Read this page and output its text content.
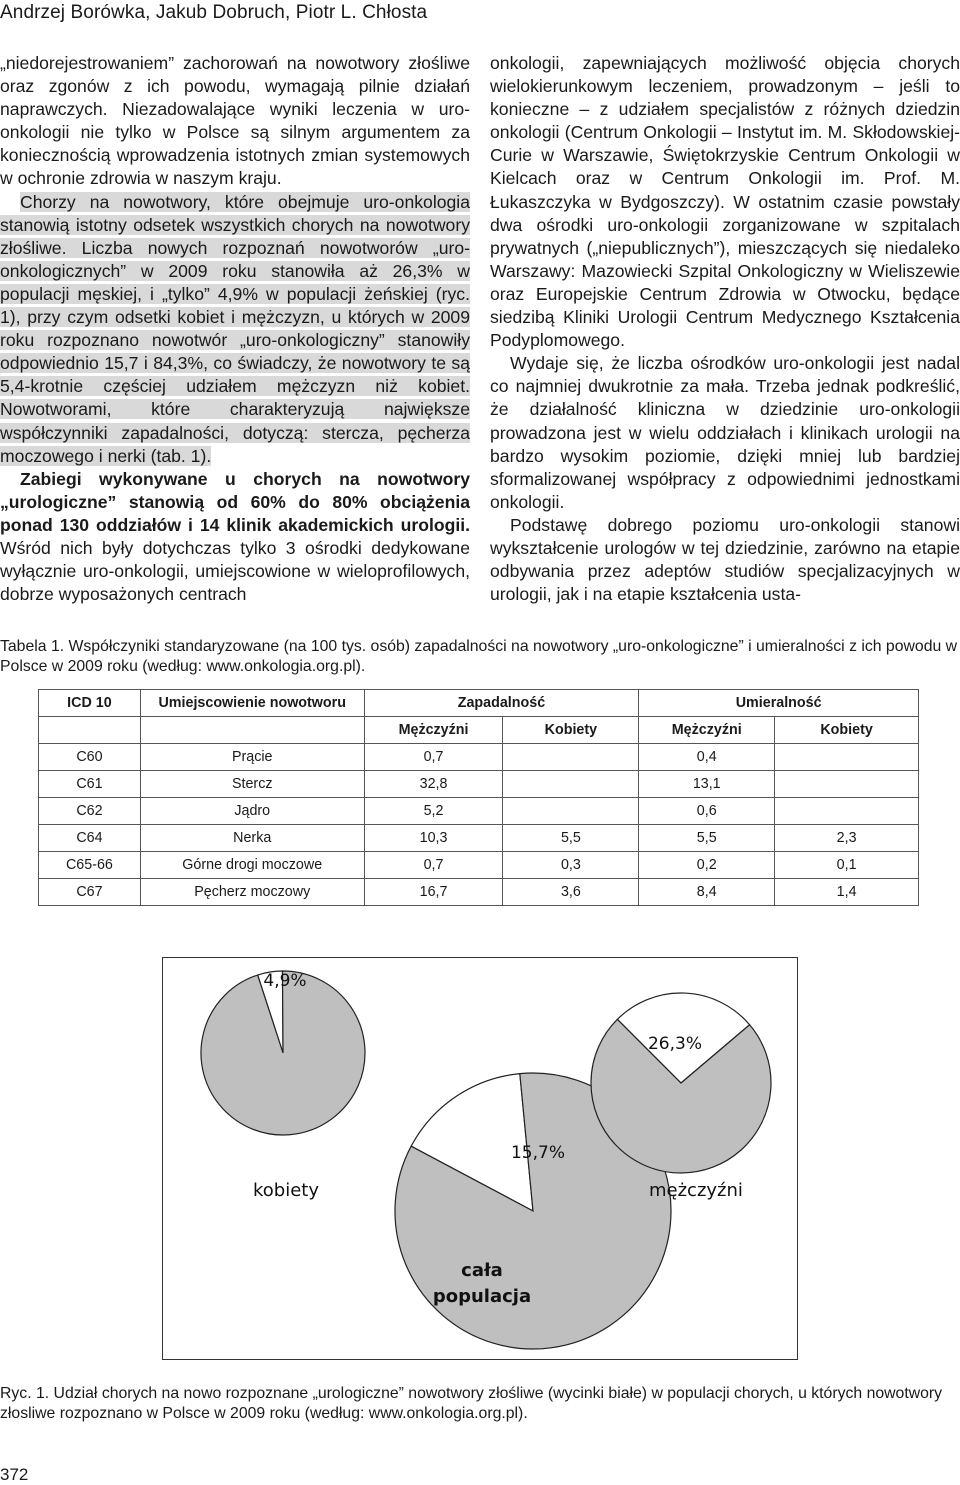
Andrzej Borówka, Jakub Dobruch, Piotr L. Chłosta

„niedorejestrowaniem” zachorowań na nowotwory złośliwe oraz zgonów z ich powodu, wymagają pilnie działań naprawczych. Niezadowalające wyniki leczenia w uro-onkologii nie tylko w Polsce są silnym argumentem za koniecznością wprowadzenia istotnych zmian systemowych w ochronie zdrowia w naszym kraju.

Chorzy na nowotwory, które obejmuje uro-onkologia stanowią istotny odsetek wszystkich chorych na nowotwory złośliwe. Liczba nowych rozpoznań nowotworów „uro-onkologicznych” w 2009 roku stanowiła aż 26,3% w populacji męskiej, i „tylko” 4,9% w populacji żeńskiej (ryc. 1), przy czym odsetki kobiet i mężczyzn, u których w 2009 roku rozpoznano nowotwór „uro-onkologiczny” stanowiły odpowiednio 15,7 i 84,3%, co świadczy, że nowotwory te są 5,4-krotnie częściej udziałem mężczyzn niż kobiet. Nowotworami, które charakteryzują największe współczynniki zapadalności, dotyczą: stercza, pęcherza moczowego i nerki (tab. 1).

Zabiegi wykonywane u chorych na nowotwory „urologiczne” stanowią od 60% do 80% obciążenia ponad 130 oddziałów i 14 klinik akademickich urologii. Wśród nich były dotychczas tylko 3 ośrodki dedykowane wyłącznie uro-onkologii, umiejscowione w wieloprofilowych, dobrze wyposażonych centrach

onkologii, zapewniających możliwość objęcia chorych wielokierunkowym leczeniem, prowadzonym – jeśli to konieczne – z udziałem specjalistów z różnych dziedzin onkologii (Centrum Onkologii – Instytut im. M. Skłodowskiej-Curie w Warszawie, Świętokrzyskie Centrum Onkologii w Kielcach oraz w Centrum Onkologii im. Prof. M. Łukaszczyka w Bydgoszczy). W ostatnim czasie powstały dwa ośrodki uro-onkologii zorganizowane w szpitalach prywatnych („niepublicznych”), mieszczących się niedaleko Warszawy: Mazowiecki Szpital Onkologiczny w Wieliszewie oraz Europejskie Centrum Zdrowia w Otwocku, będące siedzibą Kliniki Urologii Centrum Medycznego Kształcenia Podyplomowego.

Wydaje się, że liczba ośrodków uro-onkologii jest nadal co najmniej dwukrotnie za mała. Trzeba jednak podkreślić, że działalność kliniczna w dziedzinie uro-onkologii prowadzona jest w wielu oddziałach i klinikach urologii na bardzo wysokim poziomie, dzięki mniej lub bardziej sformalizowanej współpracy z odpowiednimi jednostkami onkologii.

Podstawę dobrego poziomu uro-onkologii stanowi wykształcenie urologów w tej dziedzinie, zarówno na etapie odbywania przez adeptów studiów specjalizacyjnych w urologii, jak i na etapie kształcenia usta-

Tabela 1. Współczyniki standaryzowane (na 100 tys. osób) zapadalności na nowotwory „uro-onkologiczne” i umieralności z ich powodu w Polsce w 2009 roku (według: www.onkologia.org.pl).
ICD 10	Umiejscowienie nowotworu	Zapadalność		Umieralność	
		Mężczyźni	Kobiety	Mężczyźni	Kobiety
C60	Prącie	0,7		0,4	
C61	Stercz	32,8		13,1	
C62	Jądro	5,2		0,6	
C64	Nerka	10,3	5,5	5,5	2,3
C65-66	Górne drogi moczowe	0,7	0,3	0,2	0,1
C67	Pęcherz moczowy	16,7	3,6	8,4	1,4
kobiety	mężczyźni
cała
populacja
4,9%
26,3%
15,7%
Ryc. 1. Udział chorych na nowo rozpoznane „urologiczne” nowotwory złośliwe (wycinki białe) w populacji chorych, u których nowotwory złosliwe rozpoznano w Polsce w 2009 roku (według: www.onkologia.org.pl).
372
